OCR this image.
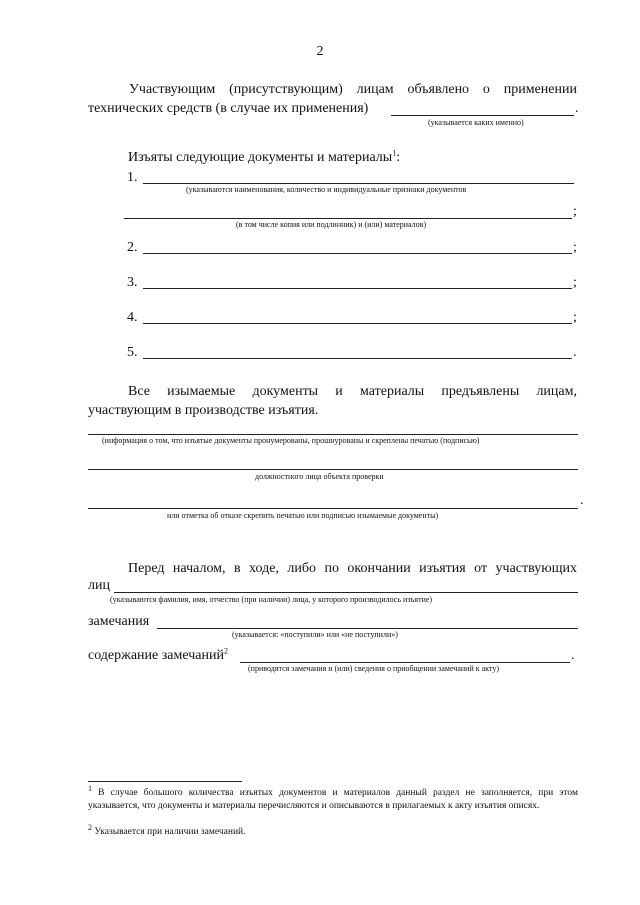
2
Участвующим (присутствующим) лицам объявлено о применении
технических средств (в случае их применения)	.
(указывается каких именно)
Изъяты следующие документы и материалы$^1$:
1.
(указываются наименования, количество и индивидуальные признаки документов
;
(в том числе копия или подлинник) и (или) материалов)
2.	;
3.	;
4.	;
5.	.
Все изымаемые документы и материалы предъявлены лицам,
участвующим в производстве изъятия.
(информация о том, что изъятые документы пронумерованы, прошнурованы и скреплены печатью (подписью)
должностного лица объекта проверки
.
или отметка об отказе скрепить печатью или подписью изымаемые документы)
Перед началом, в ходе, либо по окончании изъятия от участвующих
лиц
(указываются фамилия, имя, отчество (при наличии) лица, у которого производилось изъятие)
замечания
(указывается: «поступили» или «не поступили»)
содержание замечаний$^2$	.
(приводятся замечания и (или) сведения о приобщении замечаний к акту)
$^1$ В случае большого количества изъятых документов и материалов данный раздел не заполняется, при этом указывается, что документы и материалы перечисляются и описываются в прилагаемых к акту изъятия описях.
$^2$ Указывается при наличии замечаний.
